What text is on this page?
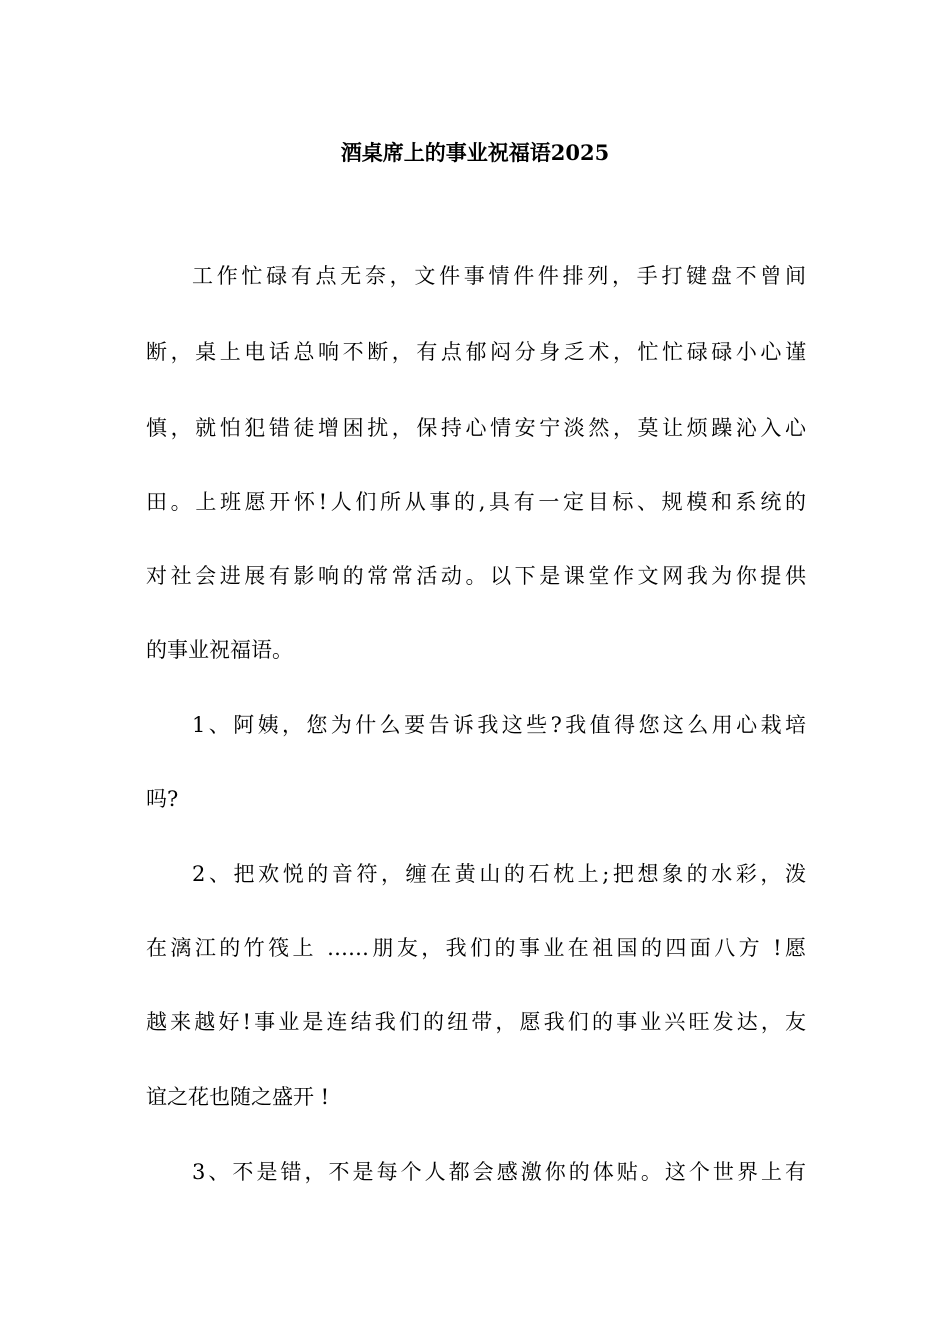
酒桌席上的事业祝福语2025
工作忙碌有点无奈，文件事情件件排列，手打键盘不曾间
断，桌上电话总响不断，有点郁闷分身乏术，忙忙碌碌小心谨
慎，就怕犯错徒增困扰，保持心情安宁淡然，莫让烦躁沁入心
田。上班愿开怀!人们所从事的,具有一定目标、规模和系统的
对社会进展有影响的常常活动。以下是课堂作文网我为你提供
的事业祝福语。
1、阿姨，您为什么要告诉我这些?我值得您这么用心栽培
吗?
2、把欢悦的音符，缠在黄山的石枕上;把想象的水彩，泼
在漓江的竹筏上 ……朋友，我们的事业在祖国的四面八方 !愿
越来越好!事业是连结我们的纽带，愿我们的事业兴旺发达，友
谊之花也随之盛开 !
3、不是错，不是每个人都会感激你的体贴。这个世界上有
